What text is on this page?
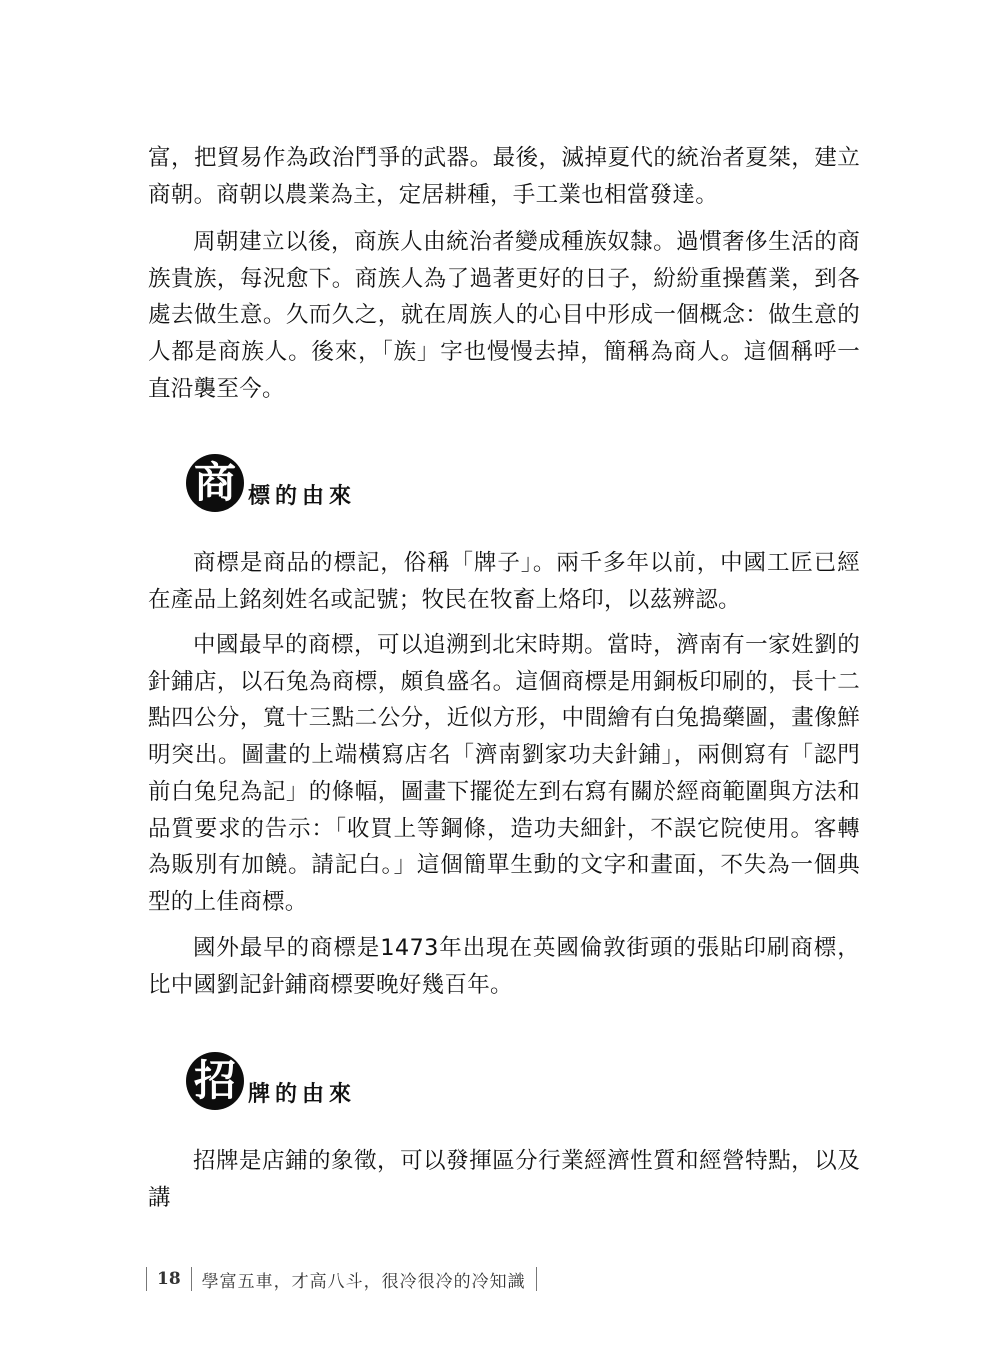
富，把貿易作為政治鬥爭的武器。最後，滅掉夏代的統治者夏桀，建立商朝。商朝以農業為主，定居耕種，手工業也相當發達。

周朝建立以後，商族人由統治者變成種族奴隸。過慣奢侈生活的商族貴族，每況愈下。商族人為了過著更好的日子，紛紛重操舊業，到各處去做生意。久而久之，就在周族人的心目中形成一個概念：做生意的人都是商族人。後來，「族」字也慢慢去掉，簡稱為商人。這個稱呼一直沿襲至今。

商 標的由來

商標是商品的標記，俗稱「牌子」。兩千多年以前，中國工匠已經在產品上銘刻姓名或記號；牧民在牧畜上烙印，以茲辨認。

中國最早的商標，可以追溯到北宋時期。當時，濟南有一家姓劉的針鋪店，以石兔為商標，頗負盛名。這個商標是用銅板印刷的，長十二點四公分，寬十三點二公分，近似方形，中間繪有白兔搗藥圖，畫像鮮明突出。圖畫的上端橫寫店名「濟南劉家功夫針鋪」，兩側寫有「認門前白兔兒為記」的條幅，圖畫下擺從左到右寫有關於經商範圍與方法和品質要求的告示：「收買上等鋼條，造功夫細針，不誤它院使用。客轉為販別有加饒。請記白。」這個簡單生動的文字和畫面，不失為一個典型的上佳商標。

國外最早的商標是1473年出現在英國倫敦街頭的張貼印刷商標，比中國劉記針鋪商標要晚好幾百年。

招 牌的由來

招牌是店鋪的象徵，可以發揮區分行業經濟性質和經營特點，以及講

18	學富五車，才高八斗，很冷很冷的冷知識
